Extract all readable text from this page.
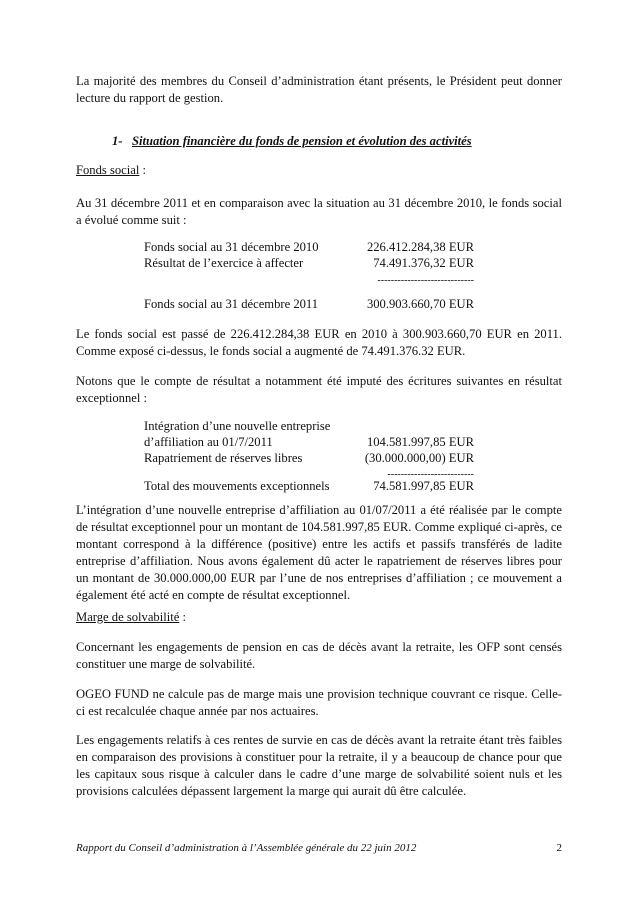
La majorité des membres du Conseil d’administration étant présents, le Président peut donner lecture du rapport de gestion.

1- Situation financière du fonds de pension et évolution des activités

Fonds social :

Au 31 décembre 2011 et en comparaison avec la situation au 31 décembre 2010, le fonds social a évolué comme suit :

Fonds social au 31 décembre 2010	226.412.284,38 EUR
Résultat de l’exercice à affecter	74.491.376,32 EUR
-----------------------------
Fonds social au 31 décembre 2011	300.903.660,70 EUR

Le fonds social est passé de 226.412.284,38 EUR en 2010 à 300.903.660,70 EUR en 2011. Comme exposé ci-dessus, le fonds social a augmenté de 74.491.376.32 EUR.

Notons que le compte de résultat a notamment été imputé des écritures suivantes en résultat exceptionnel :

Intégration d’une nouvelle entreprise
d’affiliation au 01/7/2011	104.581.997,85 EUR
Rapatriement de réserves libres	(30.000.000,00) EUR
--------------------------
Total des mouvements exceptionnels	74.581.997,85 EUR

L’intégration d’une nouvelle entreprise d’affiliation au 01/07/2011 a été réalisée par le compte de résultat exceptionnel pour un montant de 104.581.997,85 EUR. Comme expliqué ci-après, ce montant correspond à la différence (positive) entre les actifs et passifs transférés de ladite entreprise d’affiliation. Nous avons également dû acter le rapatriement de réserves libres pour un montant de 30.000.000,00 EUR par l’une de nos entreprises d’affiliation ; ce mouvement a également été acté en compte de résultat exceptionnel.

Marge de solvabilité :

Concernant les engagements de pension en cas de décès avant la retraite, les OFP sont censés constituer une marge de solvabilité.

OGEO FUND ne calcule pas de marge mais une provision technique couvrant ce risque. Celle-ci est recalculée chaque année par nos actuaires.

Les engagements relatifs à ces rentes de survie en cas de décès avant la retraite étant très faibles en comparaison des provisions à constituer pour la retraite, il y a beaucoup de chance pour que les capitaux sous risque à calculer dans le cadre d’une marge de solvabilité soient nuls et les provisions calculées dépassent largement la marge qui aurait dû être calculée.

Rapport du Conseil d’administration à l’Assemblée générale du 22 juin 2012	2
